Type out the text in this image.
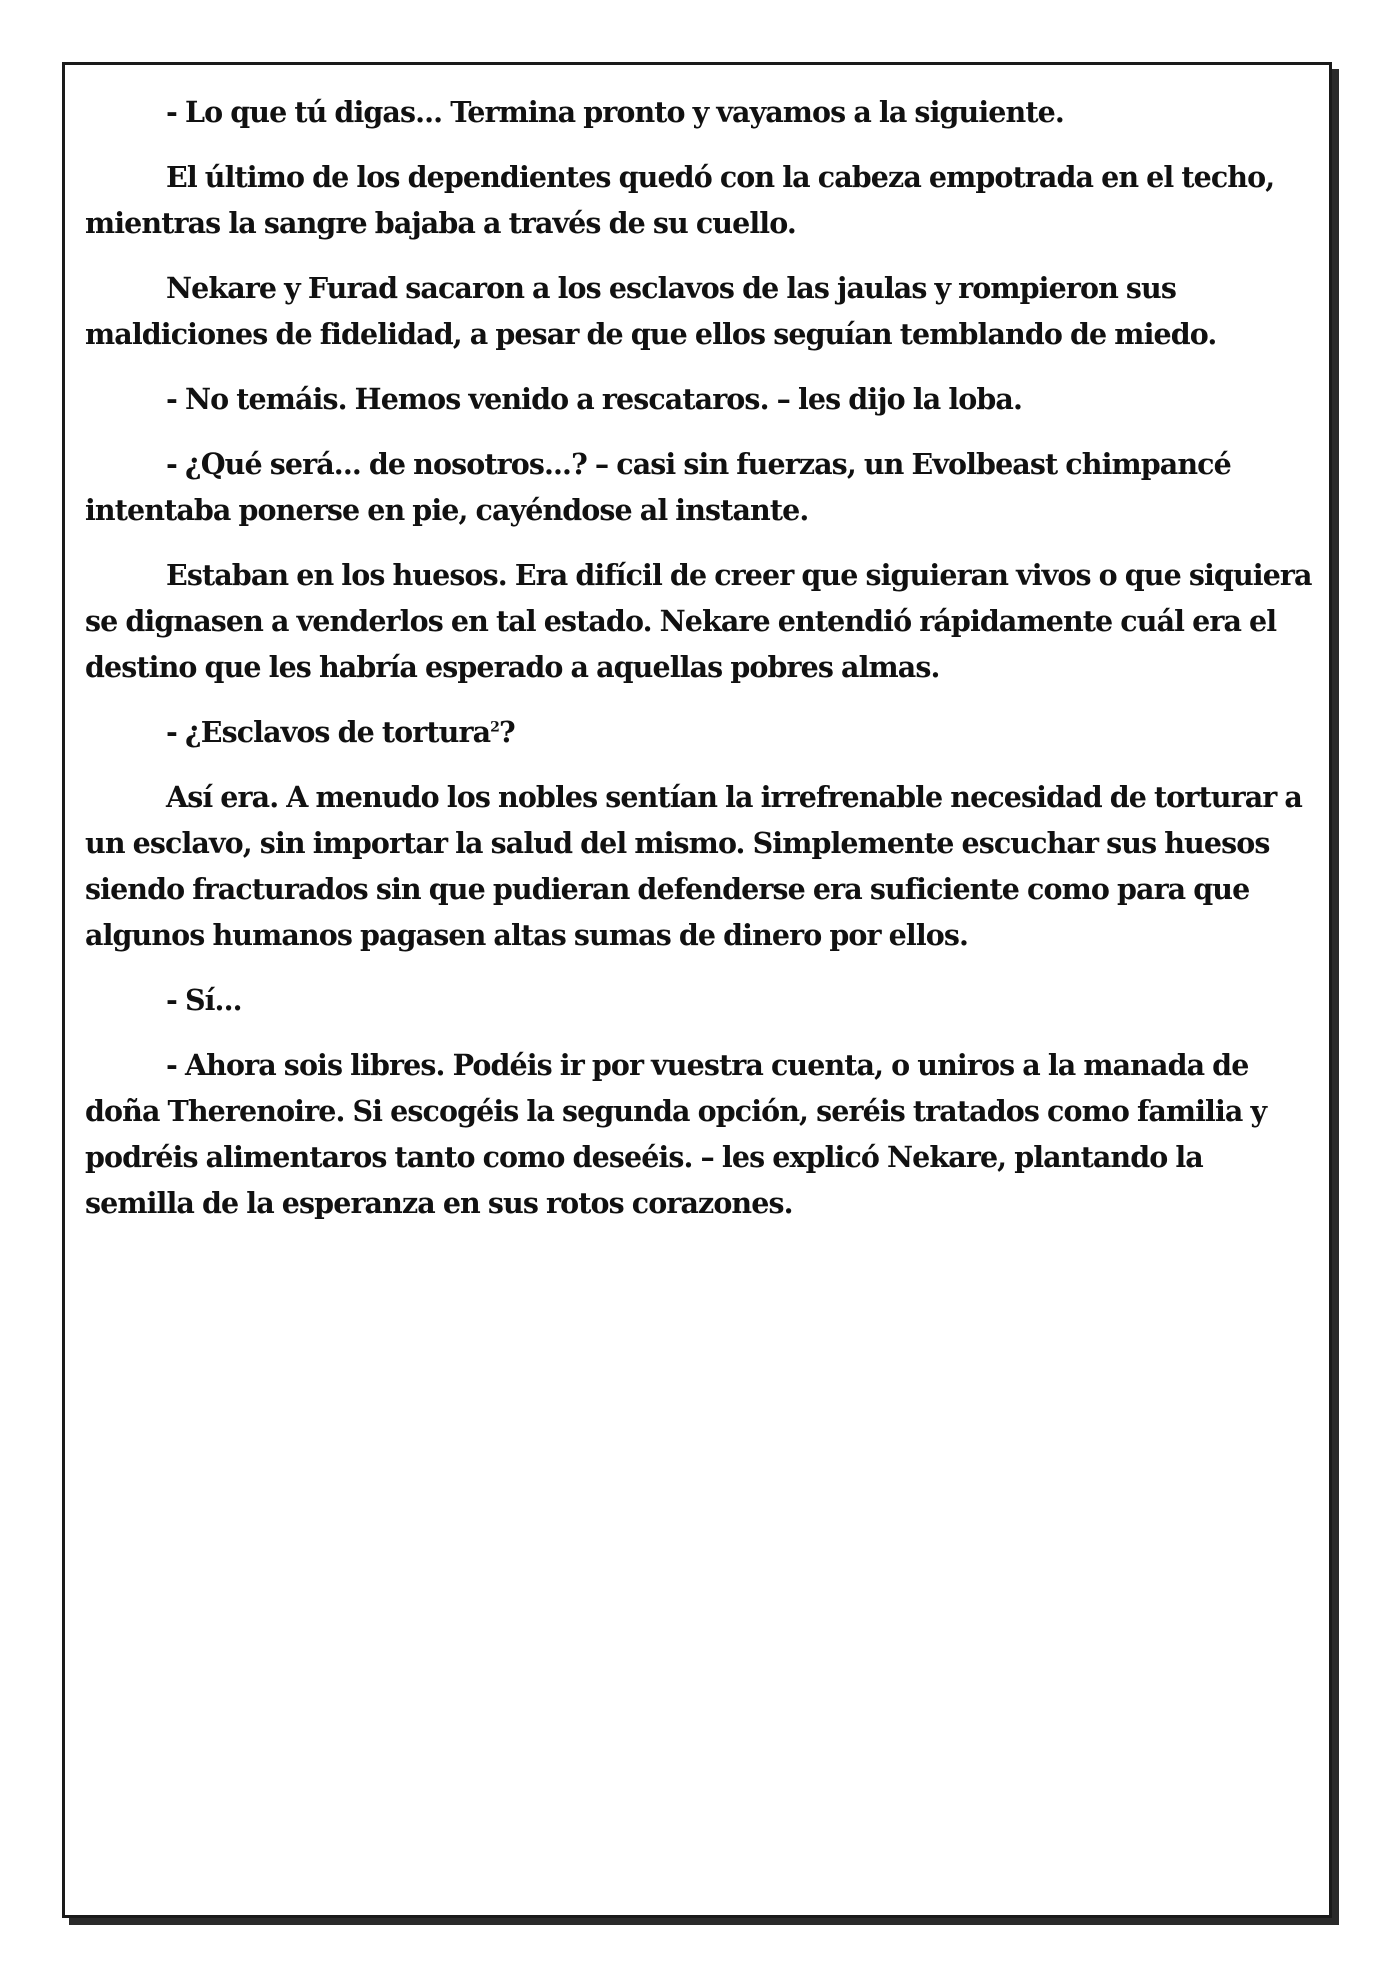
- Lo que tú digas... Termina pronto y vayamos a la siguiente.

El último de los dependientes quedó con la cabeza empotrada en el techo, mientras la sangre bajaba a través de su cuello.

Nekare y Furad sacaron a los esclavos de las jaulas y rompieron sus maldiciones de fidelidad, a pesar de que ellos seguían temblando de miedo.

- No temáis. Hemos venido a rescataros. – les dijo la loba.

- ¿Qué será... de nosotros...? – casi sin fuerzas, un Evolbeast chimpancé intentaba ponerse en pie, cayéndose al instante.

Estaban en los huesos. Era difícil de creer que siguieran vivos o que siquiera se dignasen a venderlos en tal estado. Nekare entendió rápidamente cuál era el destino que les habría esperado a aquellas pobres almas.

- ¿Esclavos de tortura$^2$?

Así era. A menudo los nobles sentían la irrefrenable necesidad de torturar a un esclavo, sin importar la salud del mismo. Simplemente escuchar sus huesos siendo fracturados sin que pudieran defenderse era suficiente como para que algunos humanos pagasen altas sumas de dinero por ellos.

- Sí...

- Ahora sois libres. Podéis ir por vuestra cuenta, o uniros a la manada de doña Therenoire. Si escogéis la segunda opción, seréis tratados como familia y podréis alimentaros tanto como deseéis. – les explicó Nekare, plantando la semilla de la esperanza en sus rotos corazones.
